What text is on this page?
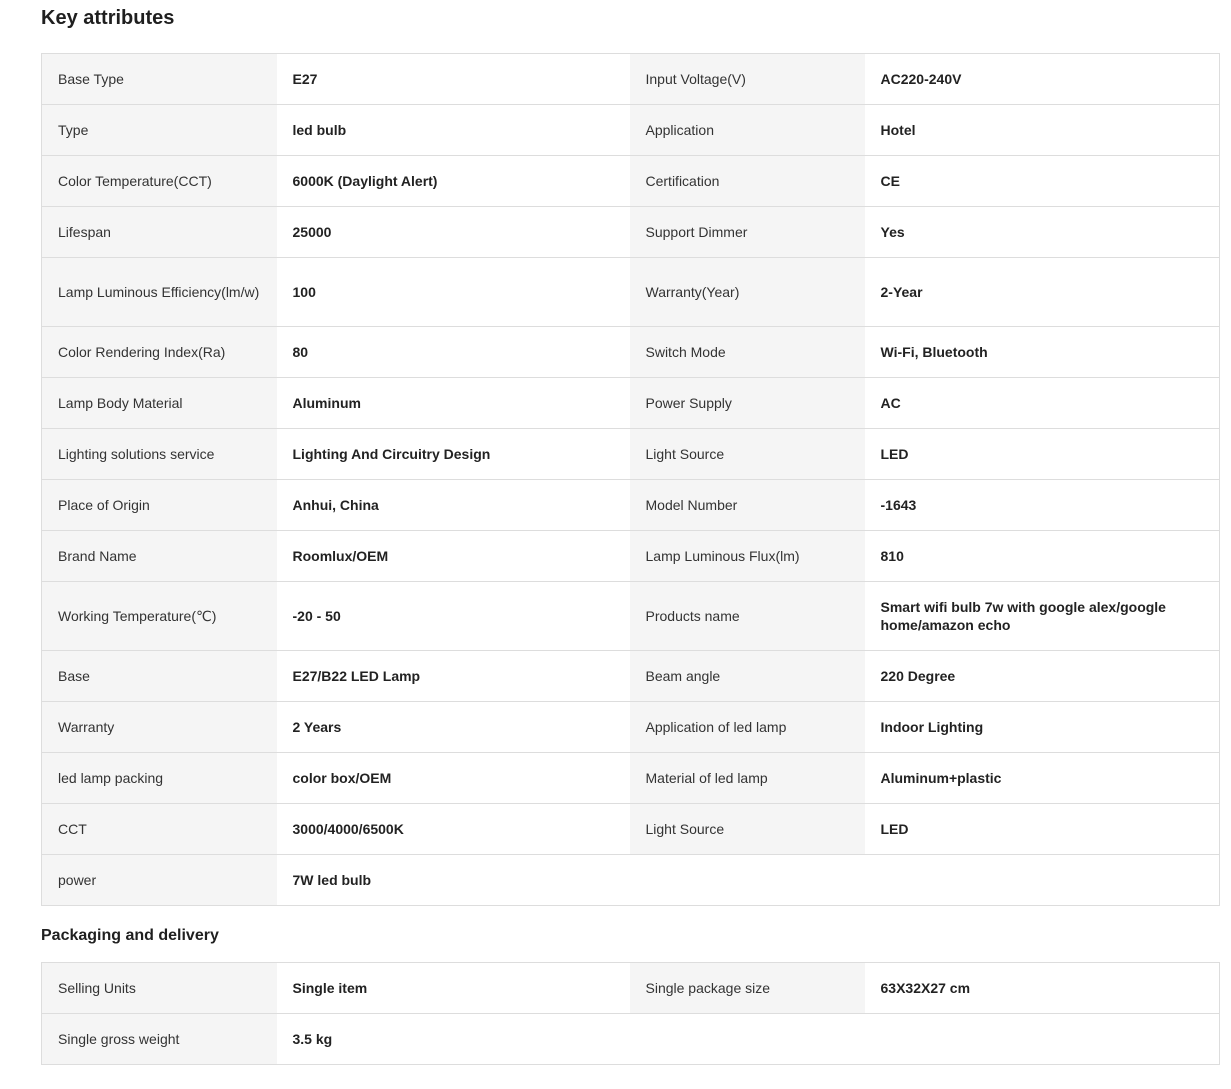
Key attributes
Base Type	E27	Input Voltage(V)	AC220-240V
Type	led bulb	Application	Hotel
Color Temperature(CCT)	6000K (Daylight Alert)	Certification	CE
Lifespan	25000	Support Dimmer	Yes
Lamp Luminous Efficiency(lm/w)	100	Warranty(Year)	2-Year
Color Rendering Index(Ra)	80	Switch Mode	Wi-Fi, Bluetooth
Lamp Body Material	Aluminum	Power Supply	AC
Lighting solutions service	Lighting And Circuitry Design	Light Source	LED
Place of Origin	Anhui, China	Model Number	-1643
Brand Name	Roomlux/OEM	Lamp Luminous Flux(lm)	810
Working Temperature(℃)	-20 - 50	Products name	Smart wifi bulb 7w with google alex/google home/amazon echo
Base	E27/B22 LED Lamp	Beam angle	220 Degree
Warranty	2 Years	Application of led lamp	Indoor Lighting
led lamp packing	color box/OEM	Material of led lamp	Aluminum+plastic
CCT	3000/4000/6500K	Light Source	LED
power	7W led bulb		
Packaging and delivery
Selling Units	Single item	Single package size	63X32X27 cm
Single gross weight	3.5 kg		
